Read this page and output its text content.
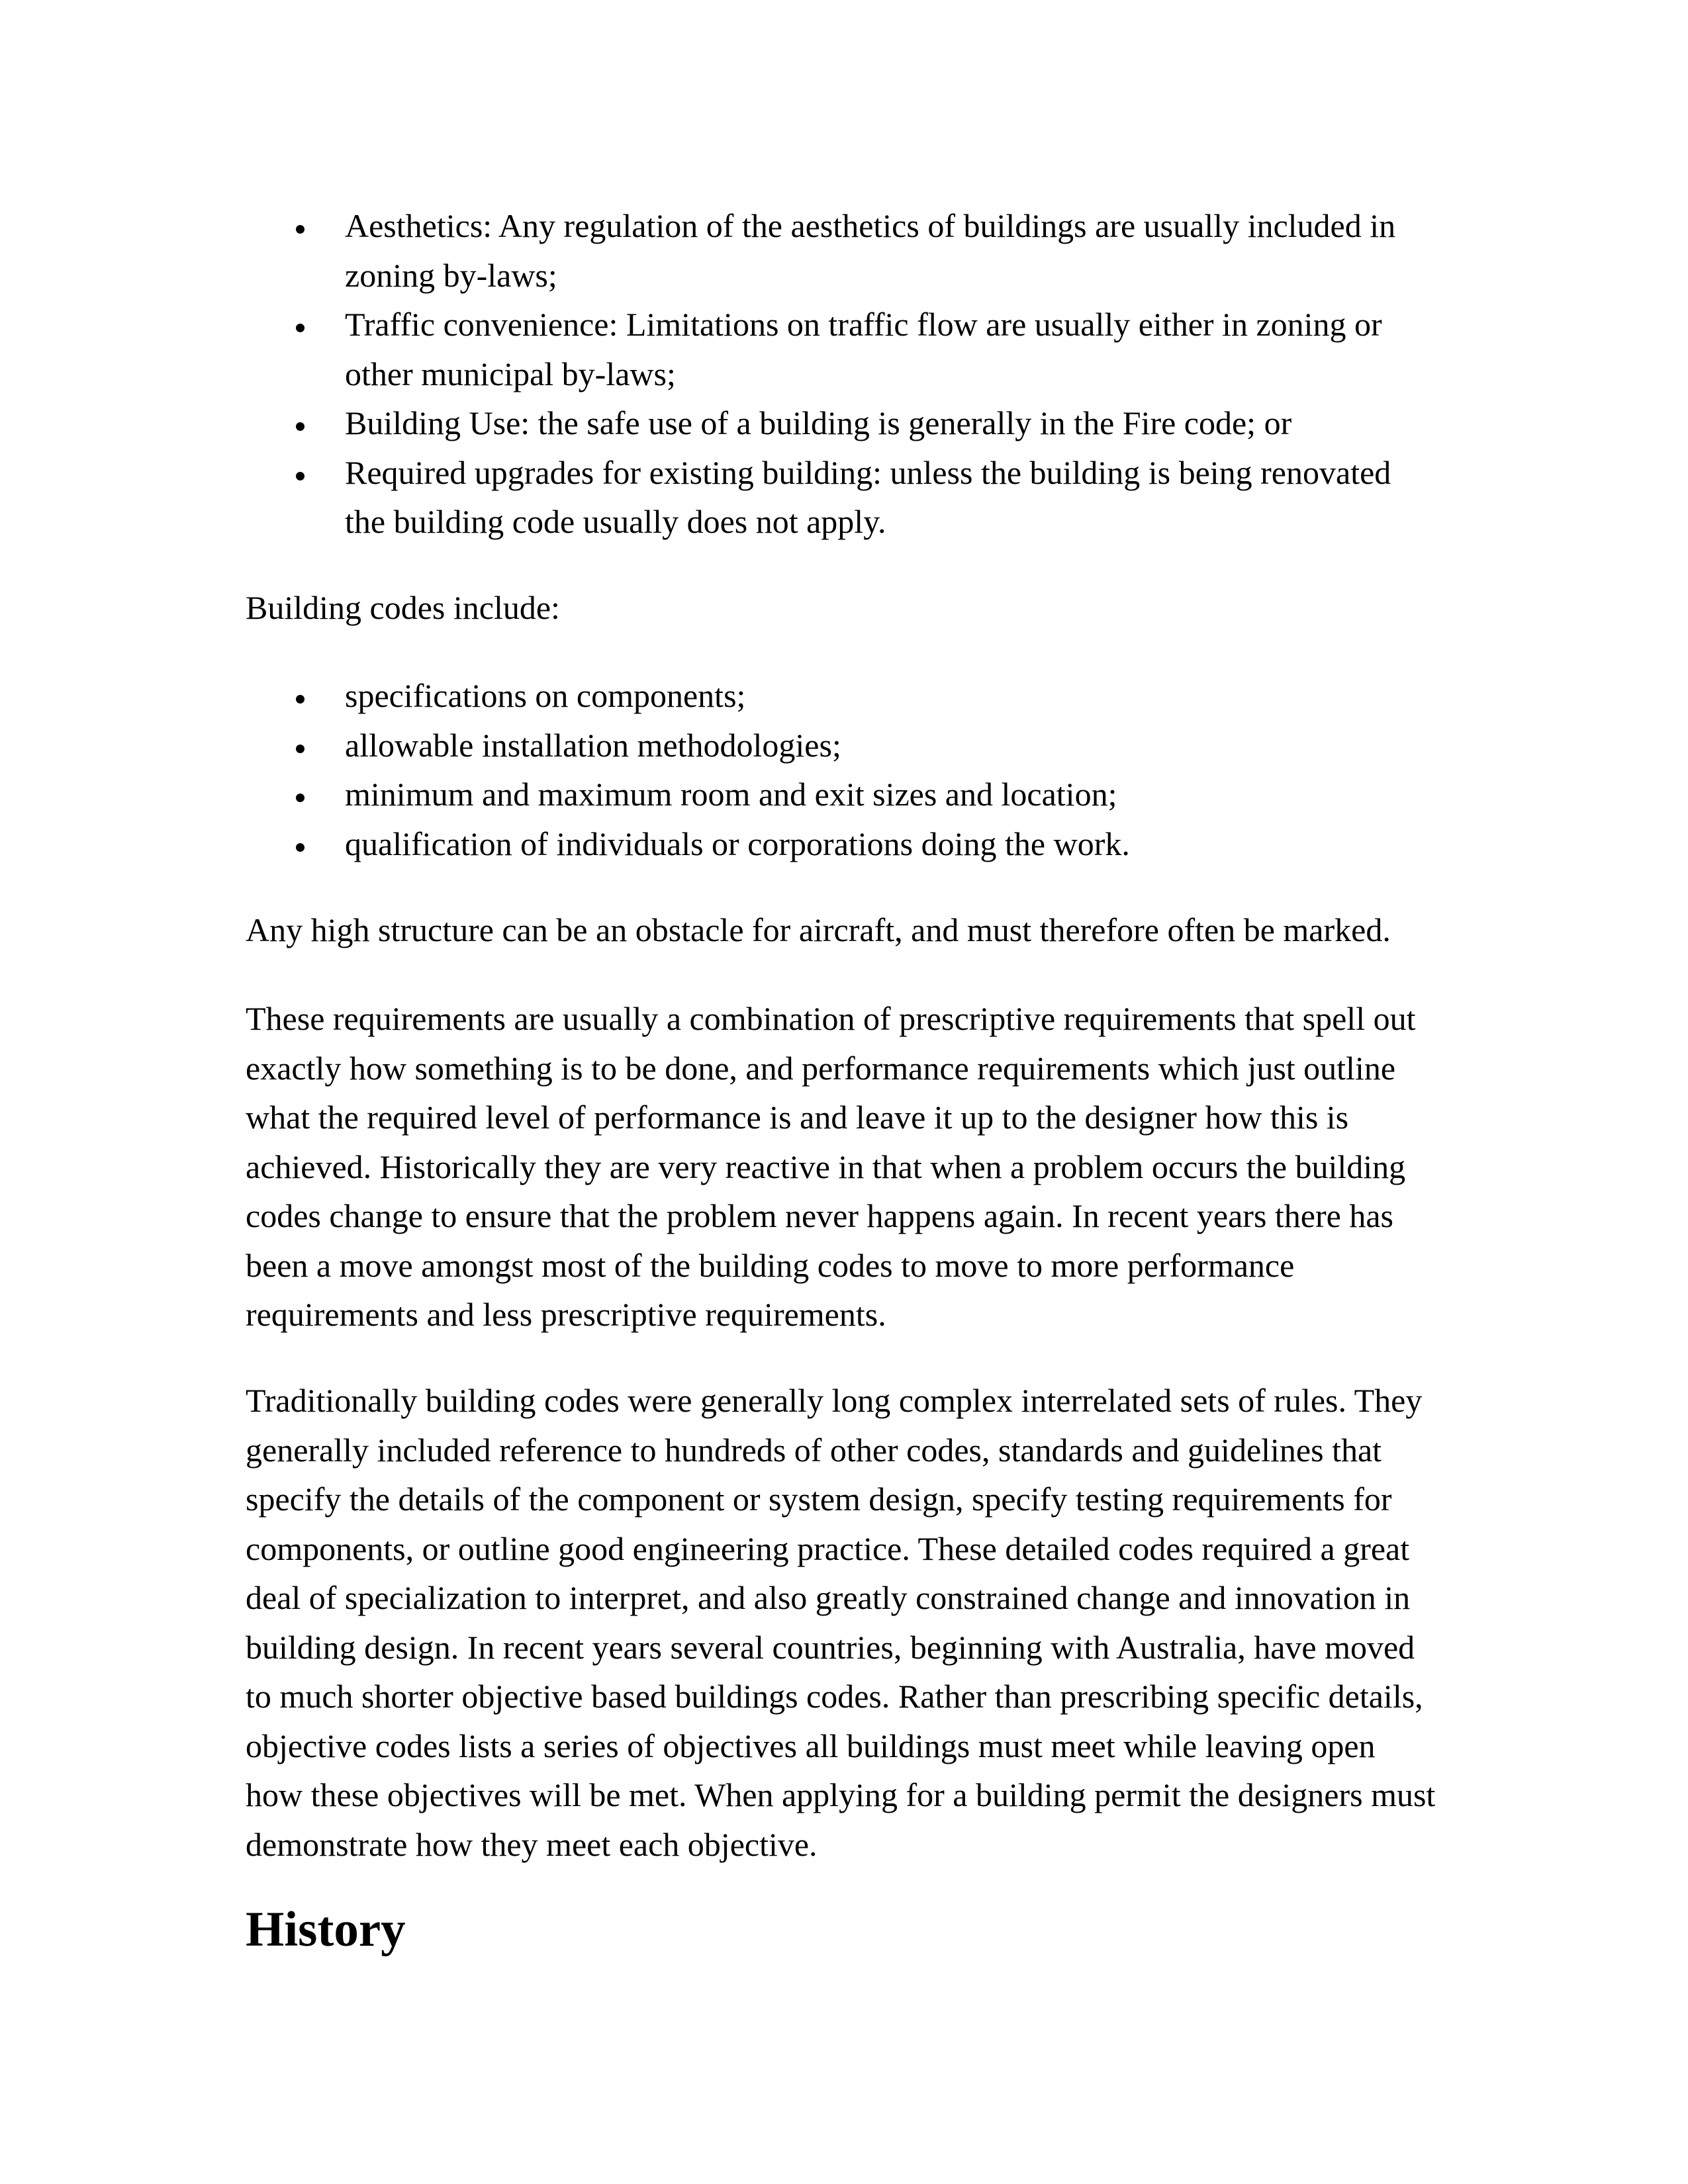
Aesthetics: Any regulation of the aesthetics of buildings are usually included in
zoning by-laws;
Traffic convenience: Limitations on traffic flow are usually either in zoning or
other municipal by-laws;
Building Use: the safe use of a building is generally in the Fire code; or
Required upgrades for existing building: unless the building is being renovated
the building code usually does not apply.

Building codes include:

specifications on components;
allowable installation methodologies;
minimum and maximum room and exit sizes and location;
qualification of individuals or corporations doing the work.

Any high structure can be an obstacle for aircraft, and must therefore often be marked.

These requirements are usually a combination of prescriptive requirements that spell out
exactly how something is to be done, and performance requirements which just outline
what the required level of performance is and leave it up to the designer how this is
achieved. Historically they are very reactive in that when a problem occurs the building
codes change to ensure that the problem never happens again. In recent years there has
been a move amongst most of the building codes to move to more performance
requirements and less prescriptive requirements.

Traditionally building codes were generally long complex interrelated sets of rules. They
generally included reference to hundreds of other codes, standards and guidelines that
specify the details of the component or system design, specify testing requirements for
components, or outline good engineering practice. These detailed codes required a great
deal of specialization to interpret, and also greatly constrained change and innovation in
building design. In recent years several countries, beginning with Australia, have moved
to much shorter objective based buildings codes. Rather than prescribing specific details,
objective codes lists a series of objectives all buildings must meet while leaving open
how these objectives will be met. When applying for a building permit the designers must
demonstrate how they meet each objective.

History
